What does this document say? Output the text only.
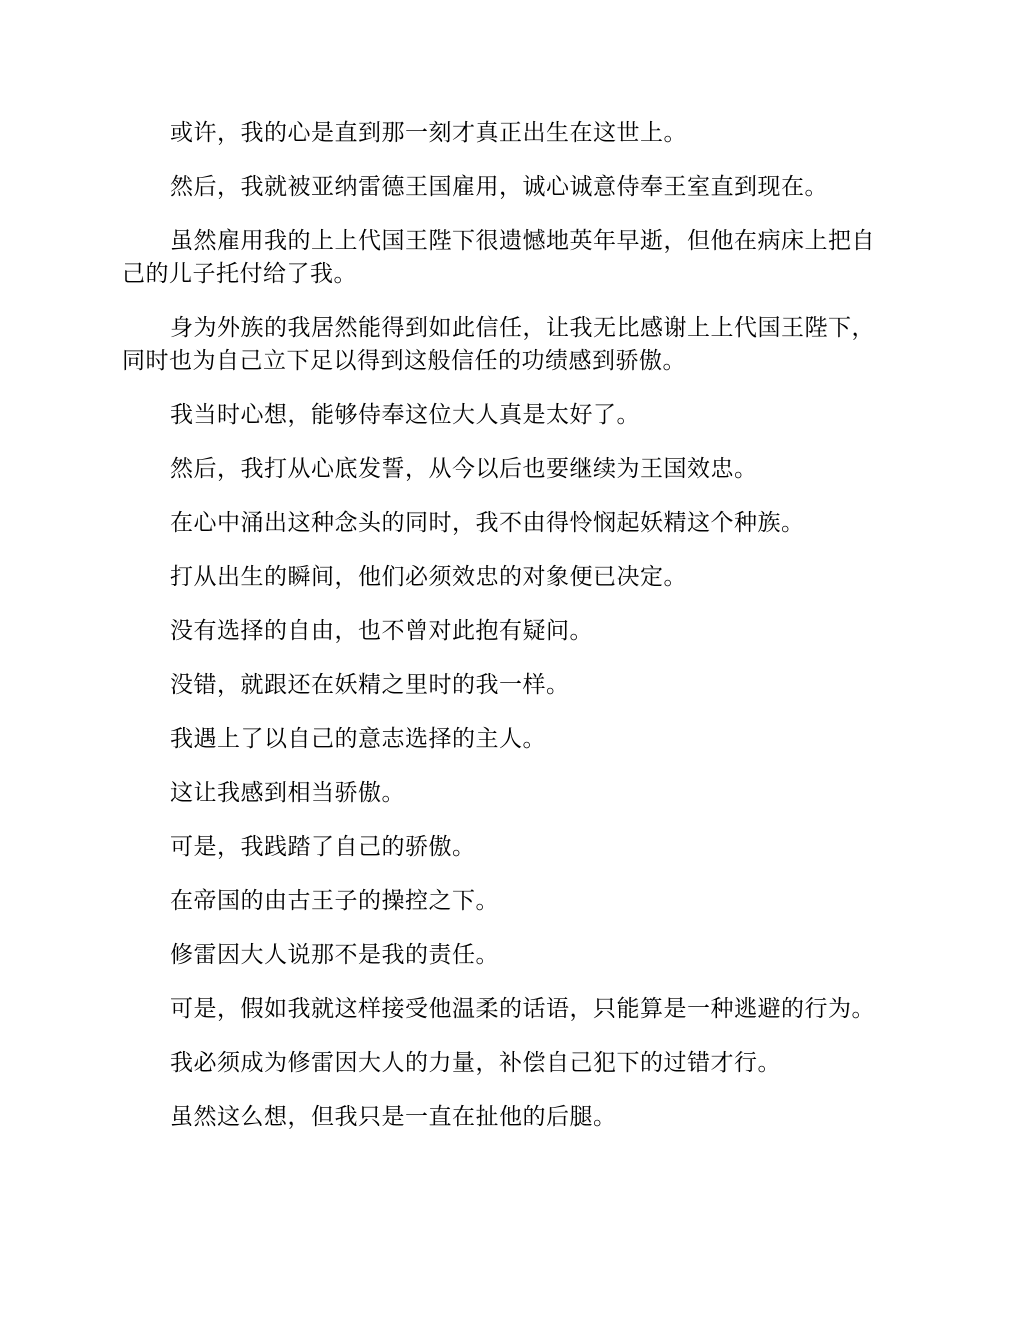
或许，我的心是直到那一刻才真正出生在这世上。

然后，我就被亚纳雷德王国雇用，诚心诚意侍奉王室直到现在。

虽然雇用我的上上代国王陛下很遗憾地英年早逝，但他在病床上把自己的儿子托付给了我。

身为外族的我居然能得到如此信任，让我无比感谢上上代国王陛下，同时也为自己立下足以得到这般信任的功绩感到骄傲。

我当时心想，能够侍奉这位大人真是太好了。

然后，我打从心底发誓，从今以后也要继续为王国效忠。

在心中涌出这种念头的同时，我不由得怜悯起妖精这个种族。

打从出生的瞬间，他们必须效忠的对象便已决定。

没有选择的自由，也不曾对此抱有疑问。

没错，就跟还在妖精之里时的我一样。

我遇上了以自己的意志选择的主人。

这让我感到相当骄傲。

可是，我践踏了自己的骄傲。

在帝国的由古王子的操控之下。

修雷因大人说那不是我的责任。

可是，假如我就这样接受他温柔的话语，只能算是一种逃避的行为。

我必须成为修雷因大人的力量，补偿自己犯下的过错才行。

虽然这么想，但我只是一直在扯他的后腿。
